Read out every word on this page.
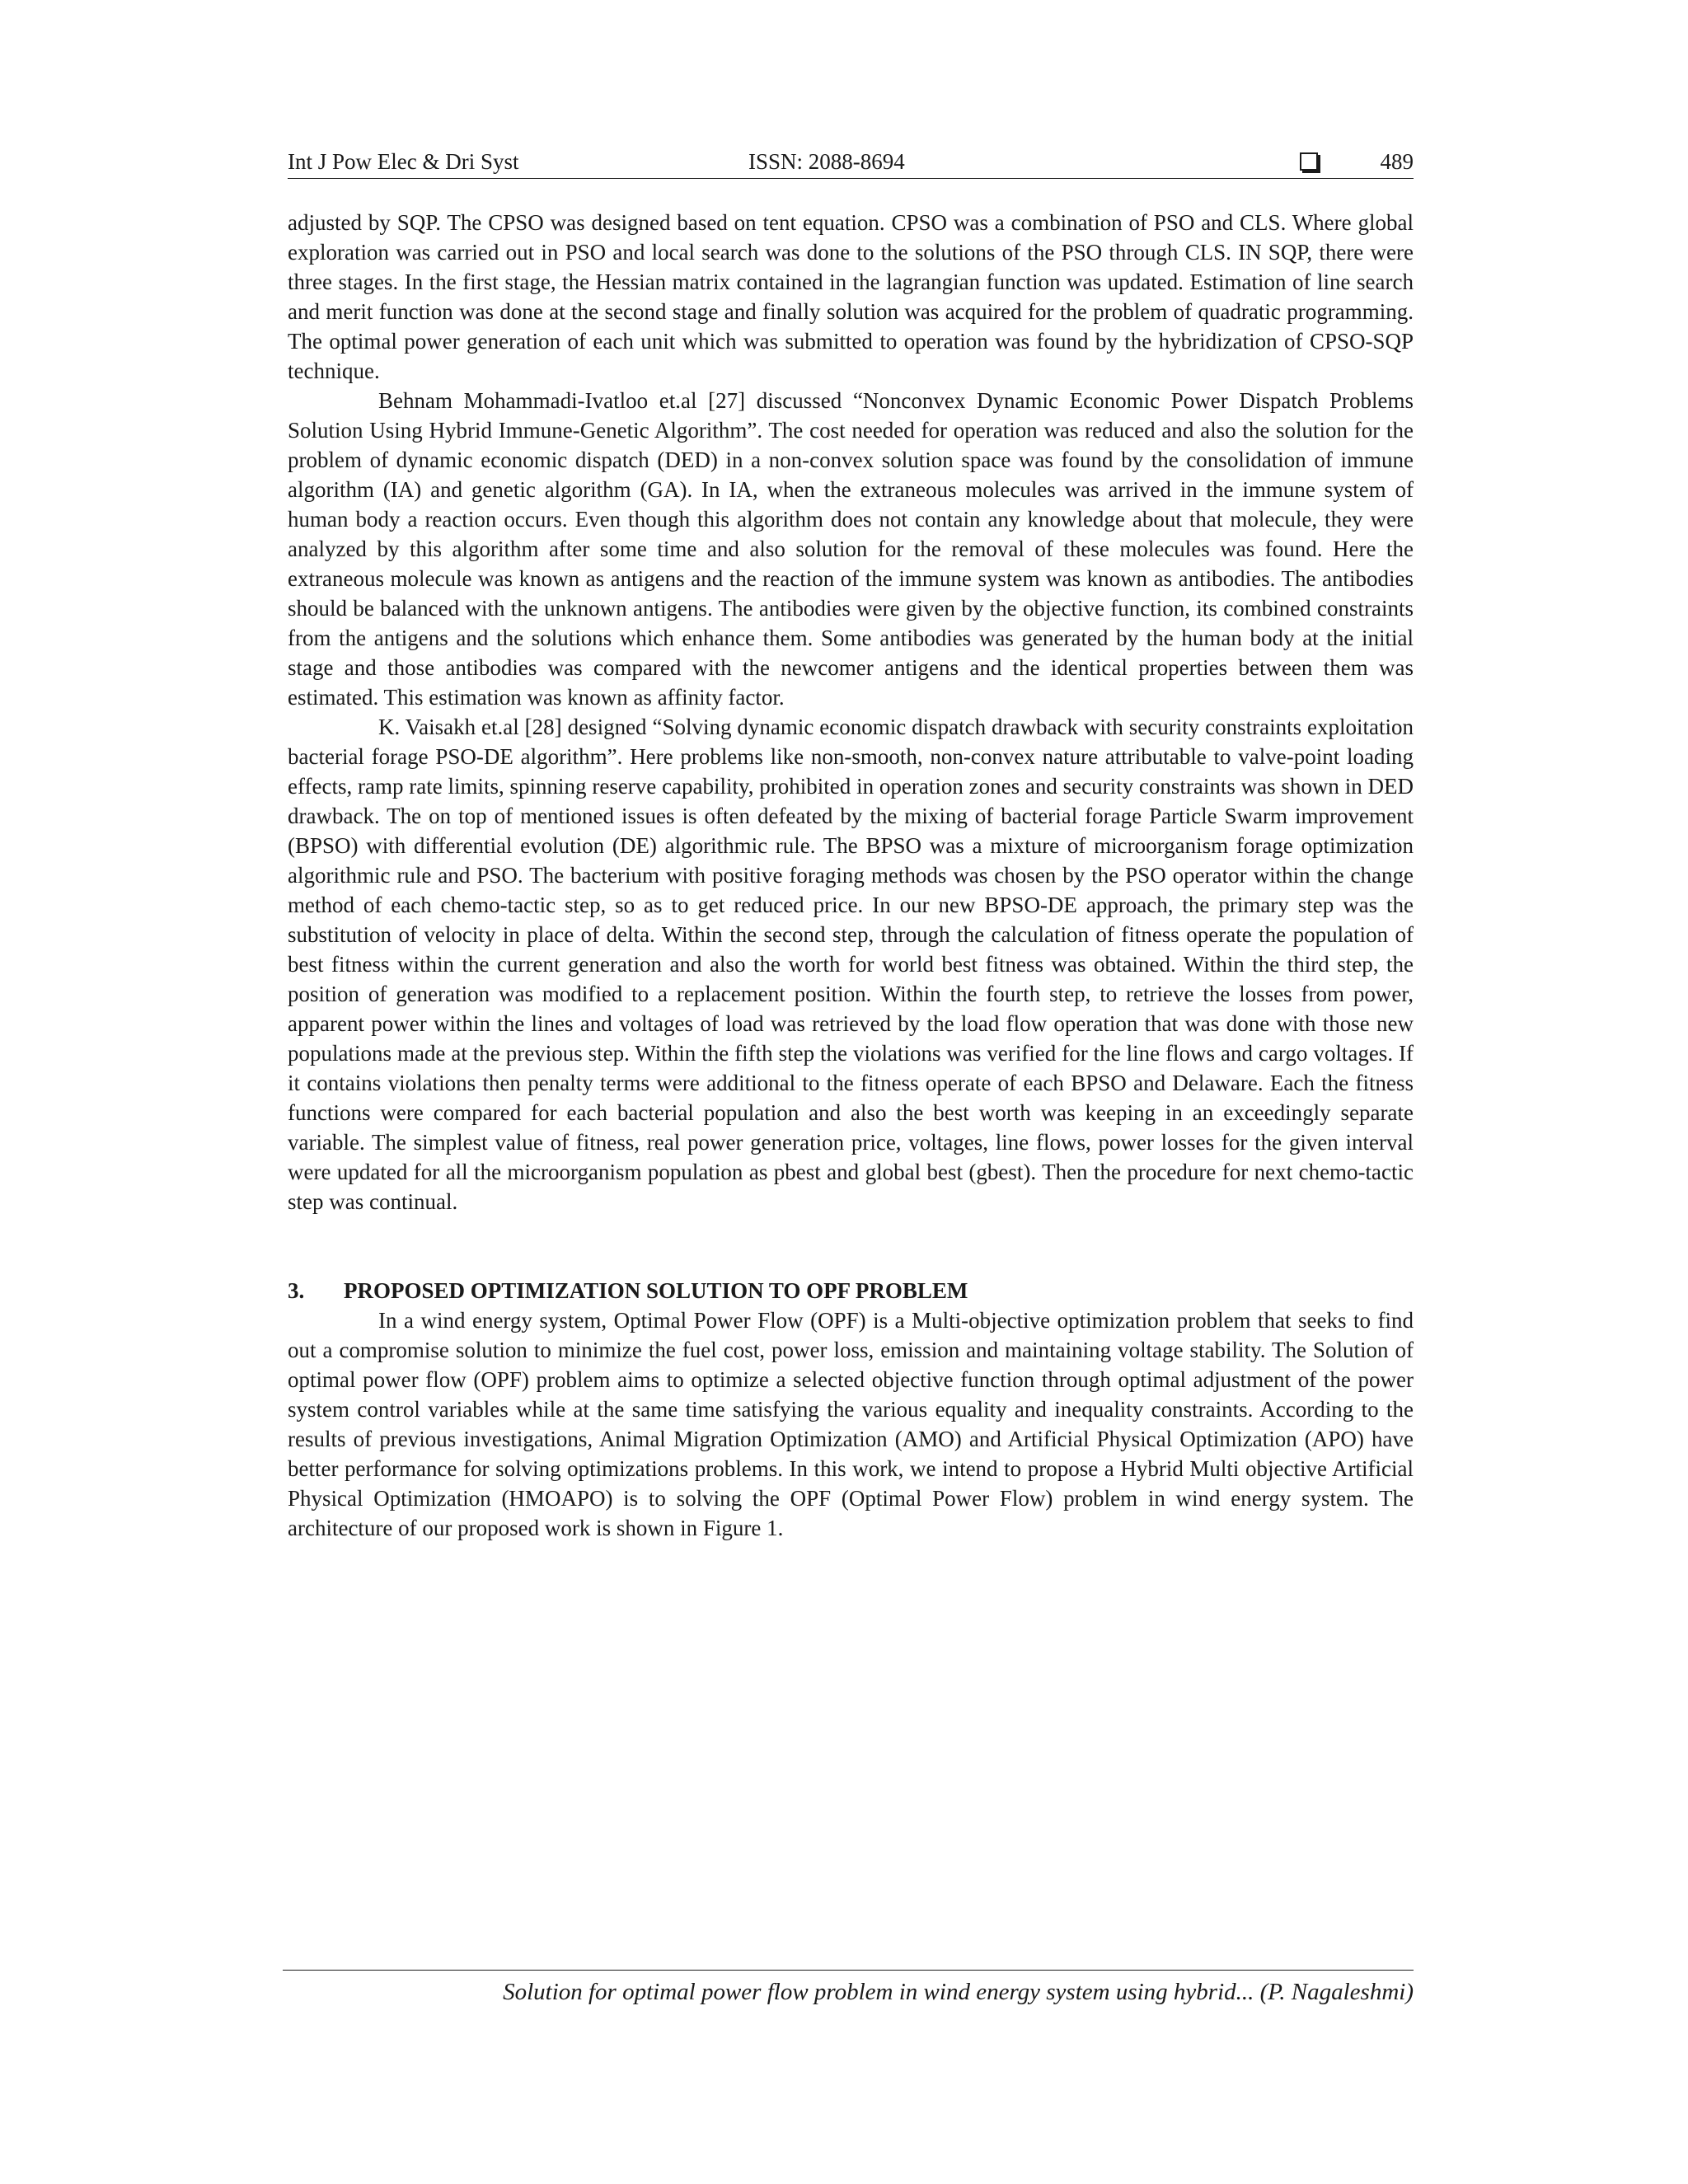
Int J Pow Elec & Dri Syst	ISSN: 2088-8694	489

adjusted by SQP. The CPSO was designed based on tent equation. CPSO was a combination of PSO and CLS. Where global exploration was carried out in PSO and local search was done to the solutions of the PSO through CLS. IN SQP, there were three stages. In the first stage, the Hessian matrix contained in the lagrangian function was updated. Estimation of line search and merit function was done at the second stage and finally solution was acquired for the problem of quadratic programming. The optimal power generation of each unit which was submitted to operation was found by the hybridization of CPSO-SQP technique.

Behnam Mohammadi-Ivatloo et.al [27] discussed “Nonconvex Dynamic Economic Power Dispatch Problems Solution Using Hybrid Immune-Genetic Algorithm”. The cost needed for operation was reduced and also the solution for the problem of dynamic economic dispatch (DED) in a non-convex solution space was found by the consolidation of immune algorithm (IA) and genetic algorithm (GA). In IA, when the extraneous molecules was arrived in the immune system of human body a reaction occurs. Even though this algorithm does not contain any knowledge about that molecule, they were analyzed by this algorithm after some time and also solution for the removal of these molecules was found. Here the extraneous molecule was known as antigens and the reaction of the immune system was known as antibodies. The antibodies should be balanced with the unknown antigens. The antibodies were given by the objective function, its combined constraints from the antigens and the solutions which enhance them. Some antibodies was generated by the human body at the initial stage and those antibodies was compared with the newcomer antigens and the identical properties between them was estimated. This estimation was known as affinity factor.

K. Vaisakh et.al [28] designed “Solving dynamic economic dispatch drawback with security constraints exploitation bacterial forage PSO-DE algorithm”. Here problems like non-smooth, non-convex nature attributable to valve-point loading effects, ramp rate limits, spinning reserve capability, prohibited in operation zones and security constraints was shown in DED drawback. The on top of mentioned issues is often defeated by the mixing of bacterial forage Particle Swarm improvement (BPSO) with differential evolution (DE) algorithmic rule. The BPSO was a mixture of microorganism forage optimization algorithmic rule and PSO. The bacterium with positive foraging methods was chosen by the PSO operator within the change method of each chemo-tactic step, so as to get reduced price. In our new BPSO-DE approach, the primary step was the substitution of velocity in place of delta. Within the second step, through the calculation of fitness operate the population of best fitness within the current generation and also the worth for world best fitness was obtained. Within the third step, the position of generation was modified to a replacement position. Within the fourth step, to retrieve the losses from power, apparent power within the lines and voltages of load was retrieved by the load flow operation that was done with those new populations made at the previous step. Within the fifth step the violations was verified for the line flows and cargo voltages. If it contains violations then penalty terms were additional to the fitness operate of each BPSO and Delaware. Each the fitness functions were compared for each bacterial population and also the best worth was keeping in an exceedingly separate variable. The simplest value of fitness, real power generation price, voltages, line flows, power losses for the given interval were updated for all the microorganism population as pbest and global best (gbest). Then the procedure for next chemo-tactic step was continual.

3. PROPOSED OPTIMIZATION SOLUTION TO OPF PROBLEM

In a wind energy system, Optimal Power Flow (OPF) is a Multi-objective optimization problem that seeks to find out a compromise solution to minimize the fuel cost, power loss, emission and maintaining voltage stability. The Solution of optimal power flow (OPF) problem aims to optimize a selected objective function through optimal adjustment of the power system control variables while at the same time satisfying the various equality and inequality constraints. According to the results of previous investigations, Animal Migration Optimization (AMO) and Artificial Physical Optimization (APO) have better performance for solving optimizations problems. In this work, we intend to propose a Hybrid Multi objective Artificial Physical Optimization (HMOAPO) is to solving the OPF (Optimal Power Flow) problem in wind energy system. The architecture of our proposed work is shown in Figure 1.

Solution for optimal power flow problem in wind energy system using hybrid... (P. Nagaleshmi)
